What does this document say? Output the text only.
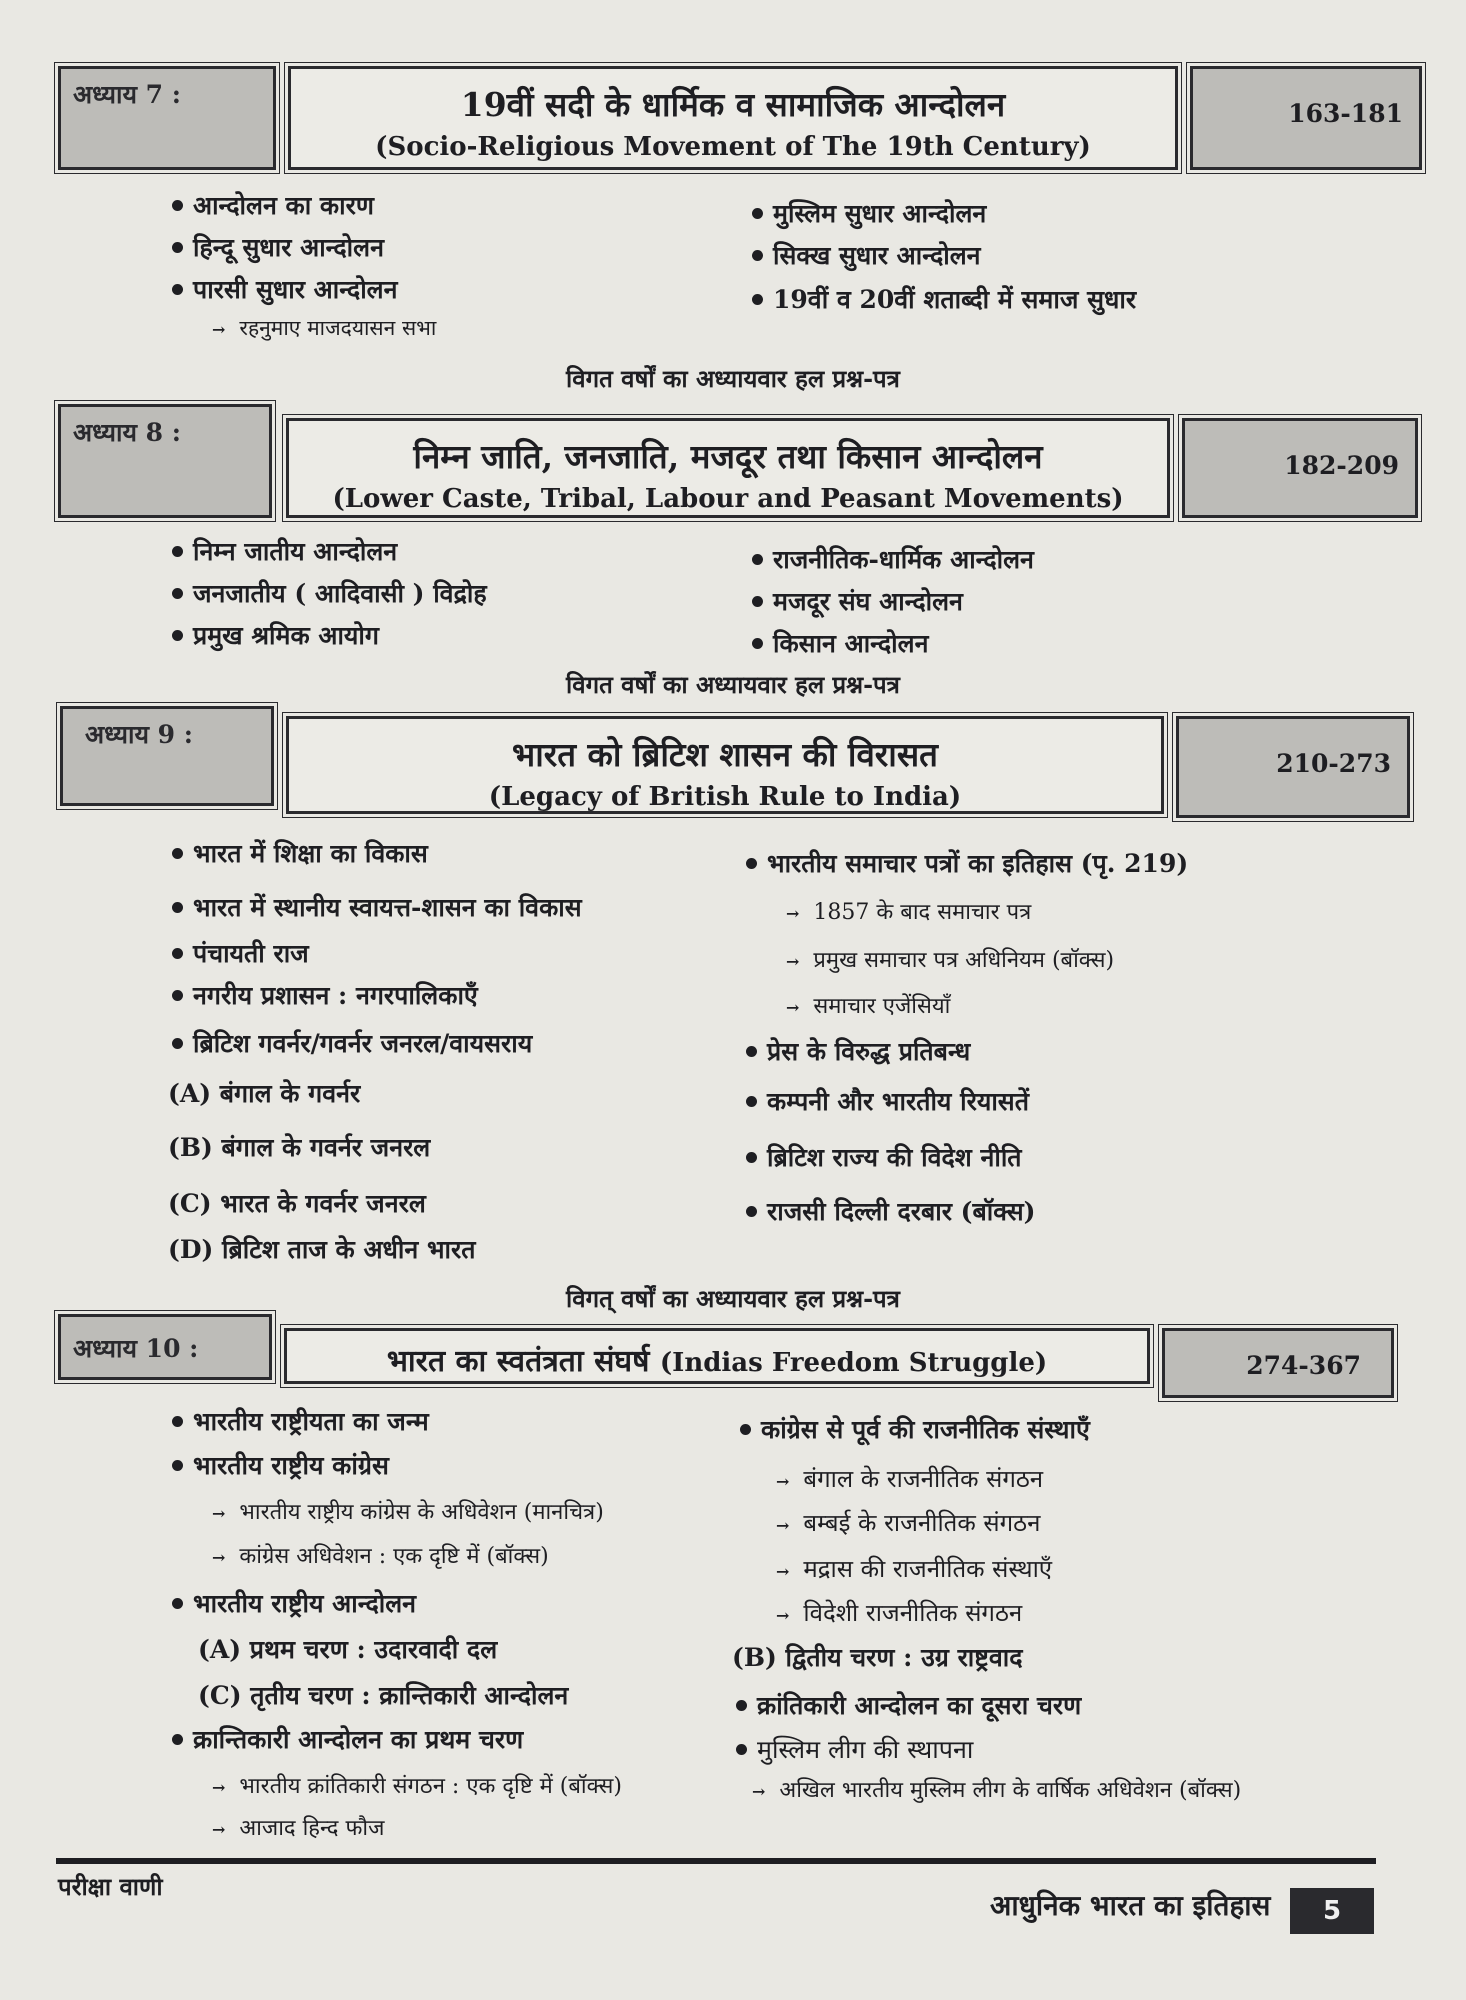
अध्याय 7 :	19वीं सदी के धार्मिक व सामाजिक आन्दोलन
(Socio-Religious Movement of The 19th Century)
163-181
आन्दोलन का कारण
हिन्दू सुधार आन्दोलन
पारसी सुधार आन्दोलन
→ रहनुमाए माजदयासन सभा
मुस्लिम सुधार आन्दोलन
सिक्ख सुधार आन्दोलन
19वीं व 20वीं शताब्दी में समाज सुधार
विगत वर्षों का अध्यायवार हल प्रश्न-पत्र
अध्याय 8 :
निम्न जाति, जनजाति, मजदूर तथा किसान आन्दोलन
(Lower Caste, Tribal, Labour and Peasant Movements)
182-209
निम्न जातीय आन्दोलन
जनजातीय ( आदिवासी ) विद्रोह
प्रमुख श्रमिक आयोग
राजनीतिक-धार्मिक आन्दोलन
मजदूर संघ आन्दोलन
किसान आन्दोलन
विगत वर्षों का अध्यायवार हल प्रश्न-पत्र
अध्याय 9 :
भारत को ब्रिटिश शासन की विरासत
(Legacy of British Rule to India)
210-273
भारत में शिक्षा का विकास
भारत में स्थानीय स्वायत्त-शासन का विकास
पंचायती राज
नगरीय प्रशासन : नगरपालिकाएँ
ब्रिटिश गवर्नर/गवर्नर जनरल/वायसराय
(A) बंगाल के गवर्नर
(B) बंगाल के गवर्नर जनरल
(C) भारत के गवर्नर जनरल
(D) ब्रिटिश ताज के अधीन भारत
भारतीय समाचार पत्रों का इतिहास (पृ. 219)
→ 1857 के बाद समाचार पत्र
→ प्रमुख समाचार पत्र अधिनियम (बॉक्स)
→ समाचार एजेंसियाँ
प्रेस के विरुद्ध प्रतिबन्ध
कम्पनी और भारतीय रियासतें
ब्रिटिश राज्य की विदेश नीति
राजसी दिल्ली दरबार (बॉक्स)
विगत् वर्षों का अध्यायवार हल प्रश्न-पत्र
अध्याय 10 :	भारत का स्वतंत्रता संघर्ष (Indias Freedom Struggle)	274-367
भारतीय राष्ट्रीयता का जन्म
भारतीय राष्ट्रीय कांग्रेस
→ भारतीय राष्ट्रीय कांग्रेस के अधिवेशन (मानचित्र)
→ कांग्रेस अधिवेशन : एक दृष्टि में (बॉक्स)
भारतीय राष्ट्रीय आन्दोलन
(A) प्रथम चरण : उदारवादी दल
(C) तृतीय चरण : क्रान्तिकारी आन्दोलन
क्रान्तिकारी आन्दोलन का प्रथम चरण
→ भारतीय क्रांतिकारी संगठन : एक दृष्टि में (बॉक्स)
→ आजाद हिन्द फौज
कांग्रेस से पूर्व की राजनीतिक संस्थाएँ
→ बंगाल के राजनीतिक संगठन
→ बम्बई के राजनीतिक संगठन
→ मद्रास की राजनीतिक संस्थाएँ
→ विदेशी राजनीतिक संगठन
(B) द्वितीय चरण : उग्र राष्ट्रवाद
क्रांतिकारी आन्दोलन का दूसरा चरण
मुस्लिम लीग की स्थापना
→ अखिल भारतीय मुस्लिम लीग के वार्षिक अधिवेशन (बॉक्स)
परीक्षा वाणी
आधुनिक भारत का इतिहास	5
